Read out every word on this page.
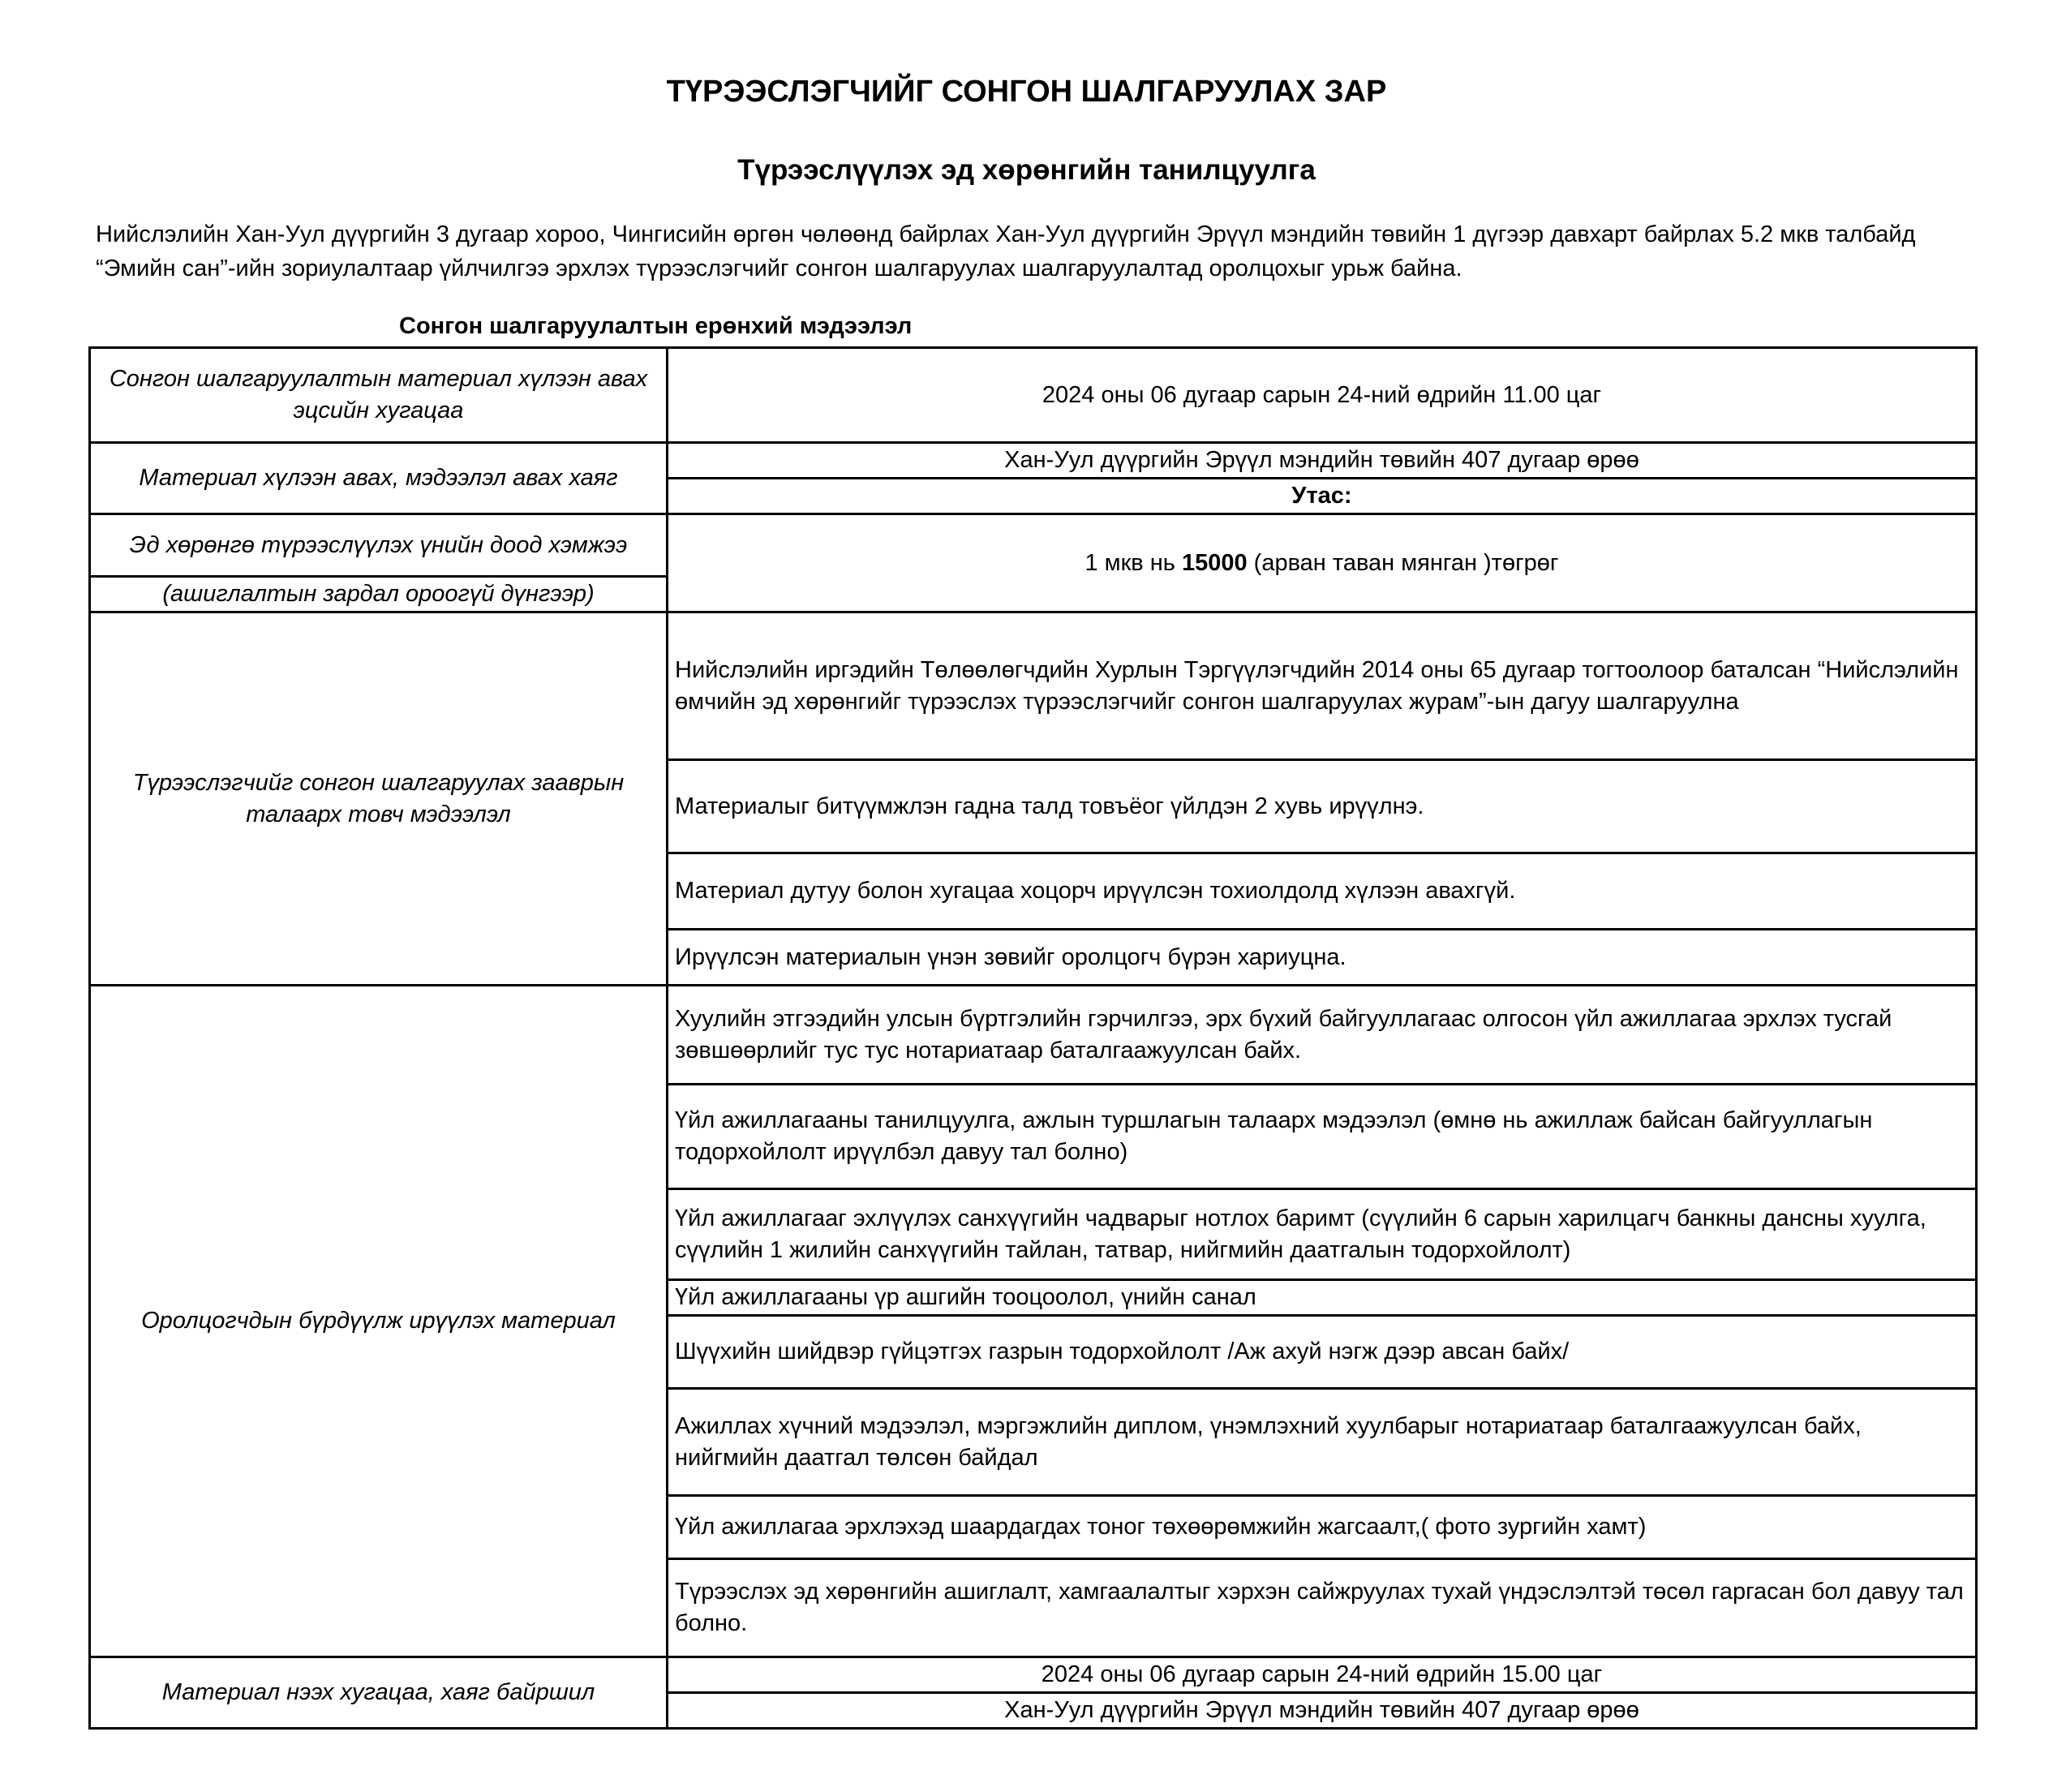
ТҮРЭЭСЛЭГЧИЙГ СОНГОН ШАЛГАРУУЛАХ ЗАР
Түрээслүүлэх эд хөрөнгийн танилцуулга
Нийслэлийн Хан-Уул дүүргийн 3 дугаар хороо, Чингисийн өргөн чөлөөнд байрлах Хан-Уул дүүргийн Эрүүл мэндийн төвийн 1 дүгээр давхарт байрлах 5.2 мкв талбайд “Эмийн сан”-ийн зориулалтаар үйлчилгээ эрхлэх түрээслэгчийг сонгон шалгаруулах шалгаруулалтад оролцохыг урьж байна.
Сонгон шалгаруулалтын ерөнхий мэдээлэл
Сонгон шалгаруулалтын материал хүлээн авах эцсийн хугацаа	2024 оны 06 дугаар сарын 24-ний өдрийн 11.00 цаг
Материал хүлээн авах, мэдээлэл авах хаяг	Хан-Уул дүүргийн Эрүүл мэндийн төвийн 407 дугаар өрөө
	Утас:
Эд хөрөнгө түрээслүүлэх үнийн доод хэмжээ	1 мкв нь 15000 (арван таван мянган )төгрөг
(ашиглалтын зардал ороогүй дүнгээр)	
Түрээслэгчийг сонгон шалгаруулах зааврын талаарх товч мэдээлэл	Нийслэлийн иргэдийн Төлөөлөгчдийн Хурлын Тэргүүлэгчдийн 2014 оны 65 дугаар тогтоолоор баталсан “Нийслэлийн өмчийн эд хөрөнгийг түрээслэх түрээслэгчийг сонгон шалгаруулах журам”-ын дагуу шалгаруулна
	Материалыг битүүмжлэн гадна талд товъёог үйлдэн 2 хувь ирүүлнэ.
	Материал дутуу болон хугацаа хоцорч ирүүлсэн тохиолдолд хүлээн авахгүй.
	Ирүүлсэн материалын үнэн зөвийг оролцогч бүрэн хариуцна.
Оролцогчдын бүрдүүлж ирүүлэх материал	Хуулийн этгээдийн улсын бүртгэлийн гэрчилгээ, эрх бүхий байгууллагаас олгосон үйл ажиллагаа эрхлэх тусгай зөвшөөрлийг тус тус нотариатаар баталгаажуулсан байх.
	Үйл ажиллагааны танилцуулга, ажлын туршлагын талаарх мэдээлэл (өмнө нь ажиллаж байсан байгууллагын тодорхойлолт ирүүлбэл давуу тал болно)
	Үйл ажиллагааг эхлүүлэх санхүүгийн чадварыг нотлох баримт (сүүлийн 6 сарын харилцагч банкны дансны хуулга, сүүлийн 1 жилийн санхүүгийн тайлан, татвар, нийгмийн даатгалын тодорхойлолт)
	Үйл ажиллагааны үр ашгийн тооцоолол, үнийн санал
	Шүүхийн шийдвэр гүйцэтгэх газрын тодорхойлолт /Аж ахуй нэгж дээр авсан байх/
	Ажиллах хүчний мэдээлэл, мэргэжлийн диплом, үнэмлэхний хуулбарыг нотариатаар баталгаажуулсан байх, нийгмийн даатгал төлсөн байдал
	Үйл ажиллагаа эрхлэхэд шаардагдах тоног төхөөрөмжийн жагсаалт,( фото зургийн хамт)
	Түрээслэх эд хөрөнгийн ашиглалт, хамгаалалтыг хэрхэн сайжруулах тухай үндэслэлтэй төсөл гаргасан бол давуу тал болно.
Материал нээх хугацаа, хаяг байршил	2024 оны 06 дугаар сарын 24-ний өдрийн 15.00 цаг
	Хан-Уул дүүргийн Эрүүл мэндийн төвийн 407 дугаар өрөө
